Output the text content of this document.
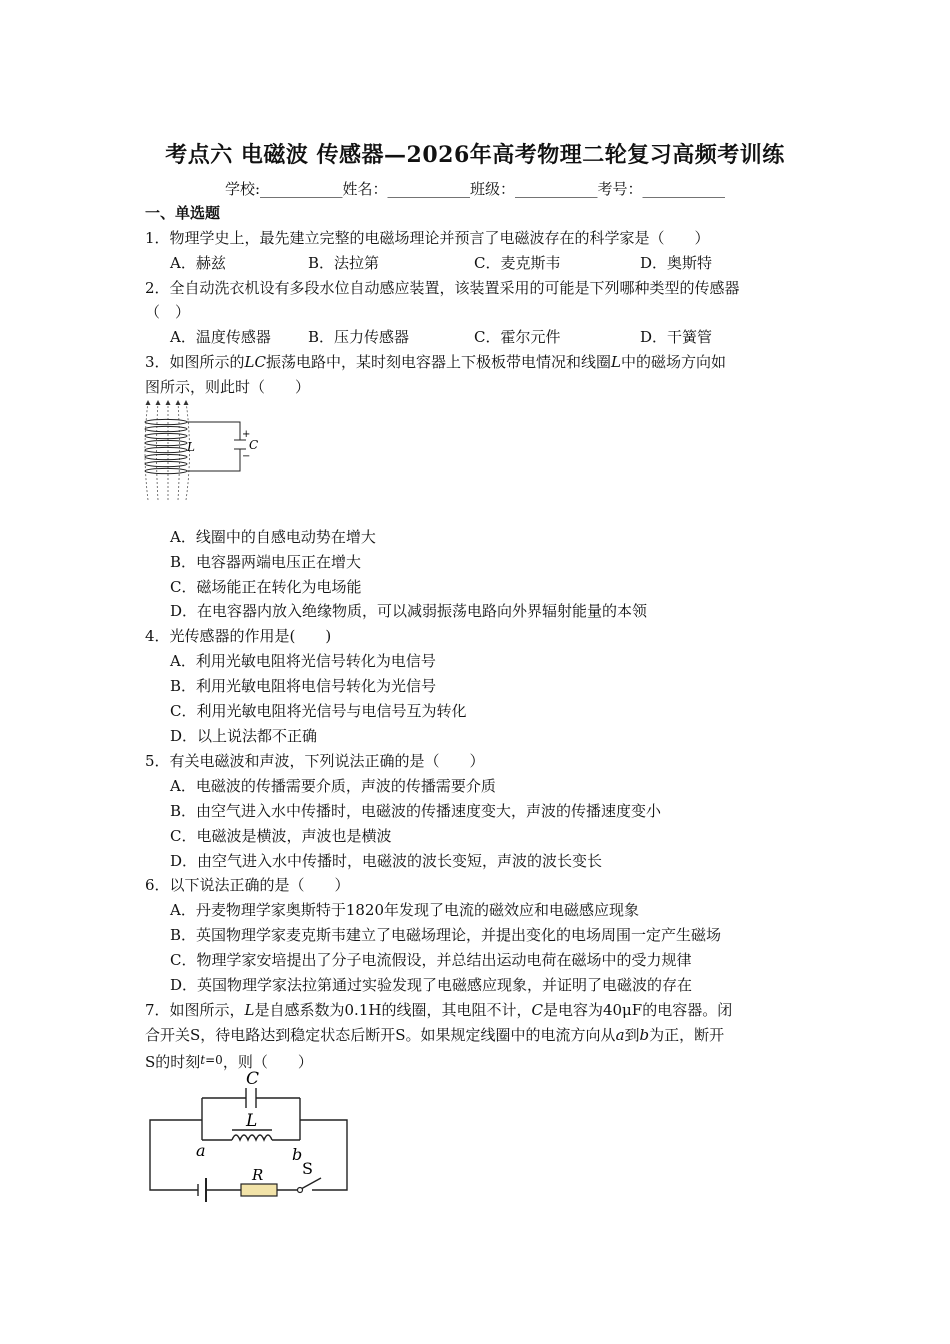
考点六 电磁波 传感器—2026年高考物理二轮复习高频考训练
学校:___________姓名：___________班级：___________考号：___________
一、单选题
1．物理学史上，最先建立完整的电磁场理论并预言了电磁波存在的科学家是（　　）
A．赫兹	B．法拉第	C．麦克斯韦	D．奥斯特
2．全自动洗衣机设有多段水位自动感应装置，该装置采用的可能是下列哪种类型的传感器
（　）
A．温度传感器 B．压力传感器	C．霍尔元件	D．干簧管
3．如图所示的LC振荡电路中，某时刻电容器上下极板带电情况和线圈L中的磁场方向如
图所示，则此时（　　）
L	C
+
−
A．线圈中的自感电动势在增大
B．电容器两端电压正在增大
C．磁场能正在转化为电场能
D．在电容器内放入绝缘物质，可以减弱振荡电路向外界辐射能量的本领
4．光传感器的作用是(　　)
A．利用光敏电阻将光信号转化为电信号
B．利用光敏电阻将电信号转化为光信号
C．利用光敏电阻将光信号与电信号互为转化
D．以上说法都不正确
5．有关电磁波和声波，下列说法正确的是（　　）
A．电磁波的传播需要介质，声波的传播需要介质
B．由空气进入水中传播时，电磁波的传播速度变大，声波的传播速度变小
C．电磁波是横波，声波也是横波
D．由空气进入水中传播时，电磁波的波长变短，声波的波长变长
6．以下说法正确的是（　　）
A．丹麦物理学家奥斯特于1820年发现了电流的磁效应和电磁感应现象
B．英国物理学家麦克斯韦建立了电磁场理论，并提出变化的电场周围一定产生磁场
C．物理学家安培提出了分子电流假设，并总结出运动电荷在磁场中的受力规律
D．英国物理学家法拉第通过实验发现了电磁感应现象，并证明了电磁波的存在
7．如图所示，L是自感系数为0.1H的线圈，其电阻不计，C是电容为40μF的电容器。闭
合开关S，待电路达到稳定状态后断开S。如果规定线圈中的电流方向从a到b为正，断开
S的时刻$^{t=0}$，则（　　）
C
L
a	b
R S
